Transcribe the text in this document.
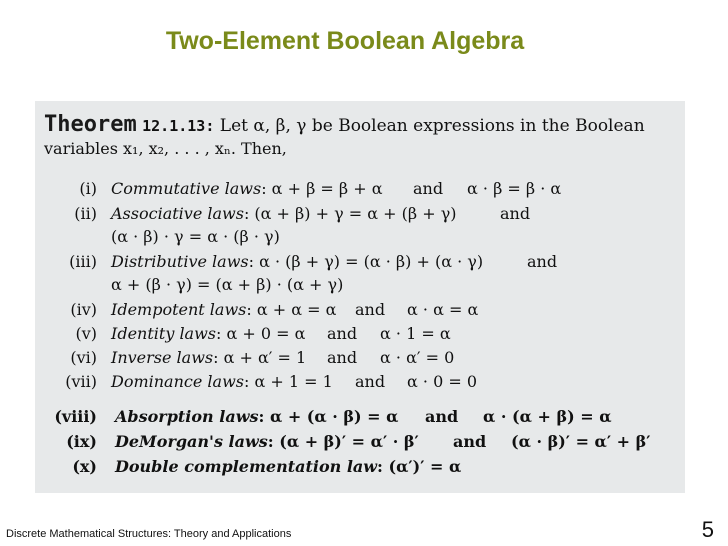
Two-Element Boolean Algebra
Theorem 12.1.13: Let α, β, γ be Boolean expressions in the Boolean
variables x₁, x₂, . . . , xₙ. Then,
(i) Commutative laws: α + β = β + α and α · β = β · α
(ii) Associative laws: (α + β) + γ = α + (β + γ)	and
(α · β) · γ = α · (β · γ)
(iii) Distributive laws: α · (β + γ) = (α · β) + (α · γ)	and
α + (β · γ) = (α + β) · (α + γ)
(iv) Idempotent laws: α + α = α and α · α = α
(v) Identity laws: α + 0 = α and α · 1 = α
(vi) Inverse laws: α + α′ = 1 and α · α′ = 0
(vii) Dominance laws: α + 1 = 1 and α · 0 = 0
(viii) Absorption laws: α + (α · β) = α and α · (α + β) = α
(ix) DeMorgan's laws: (α + β)′ = α′ · β′ and (α · β)′ = α′ + β′
(x) Double complementation law: (α′)′ = α
Discrete Mathematical Structures: Theory and Applications	5
